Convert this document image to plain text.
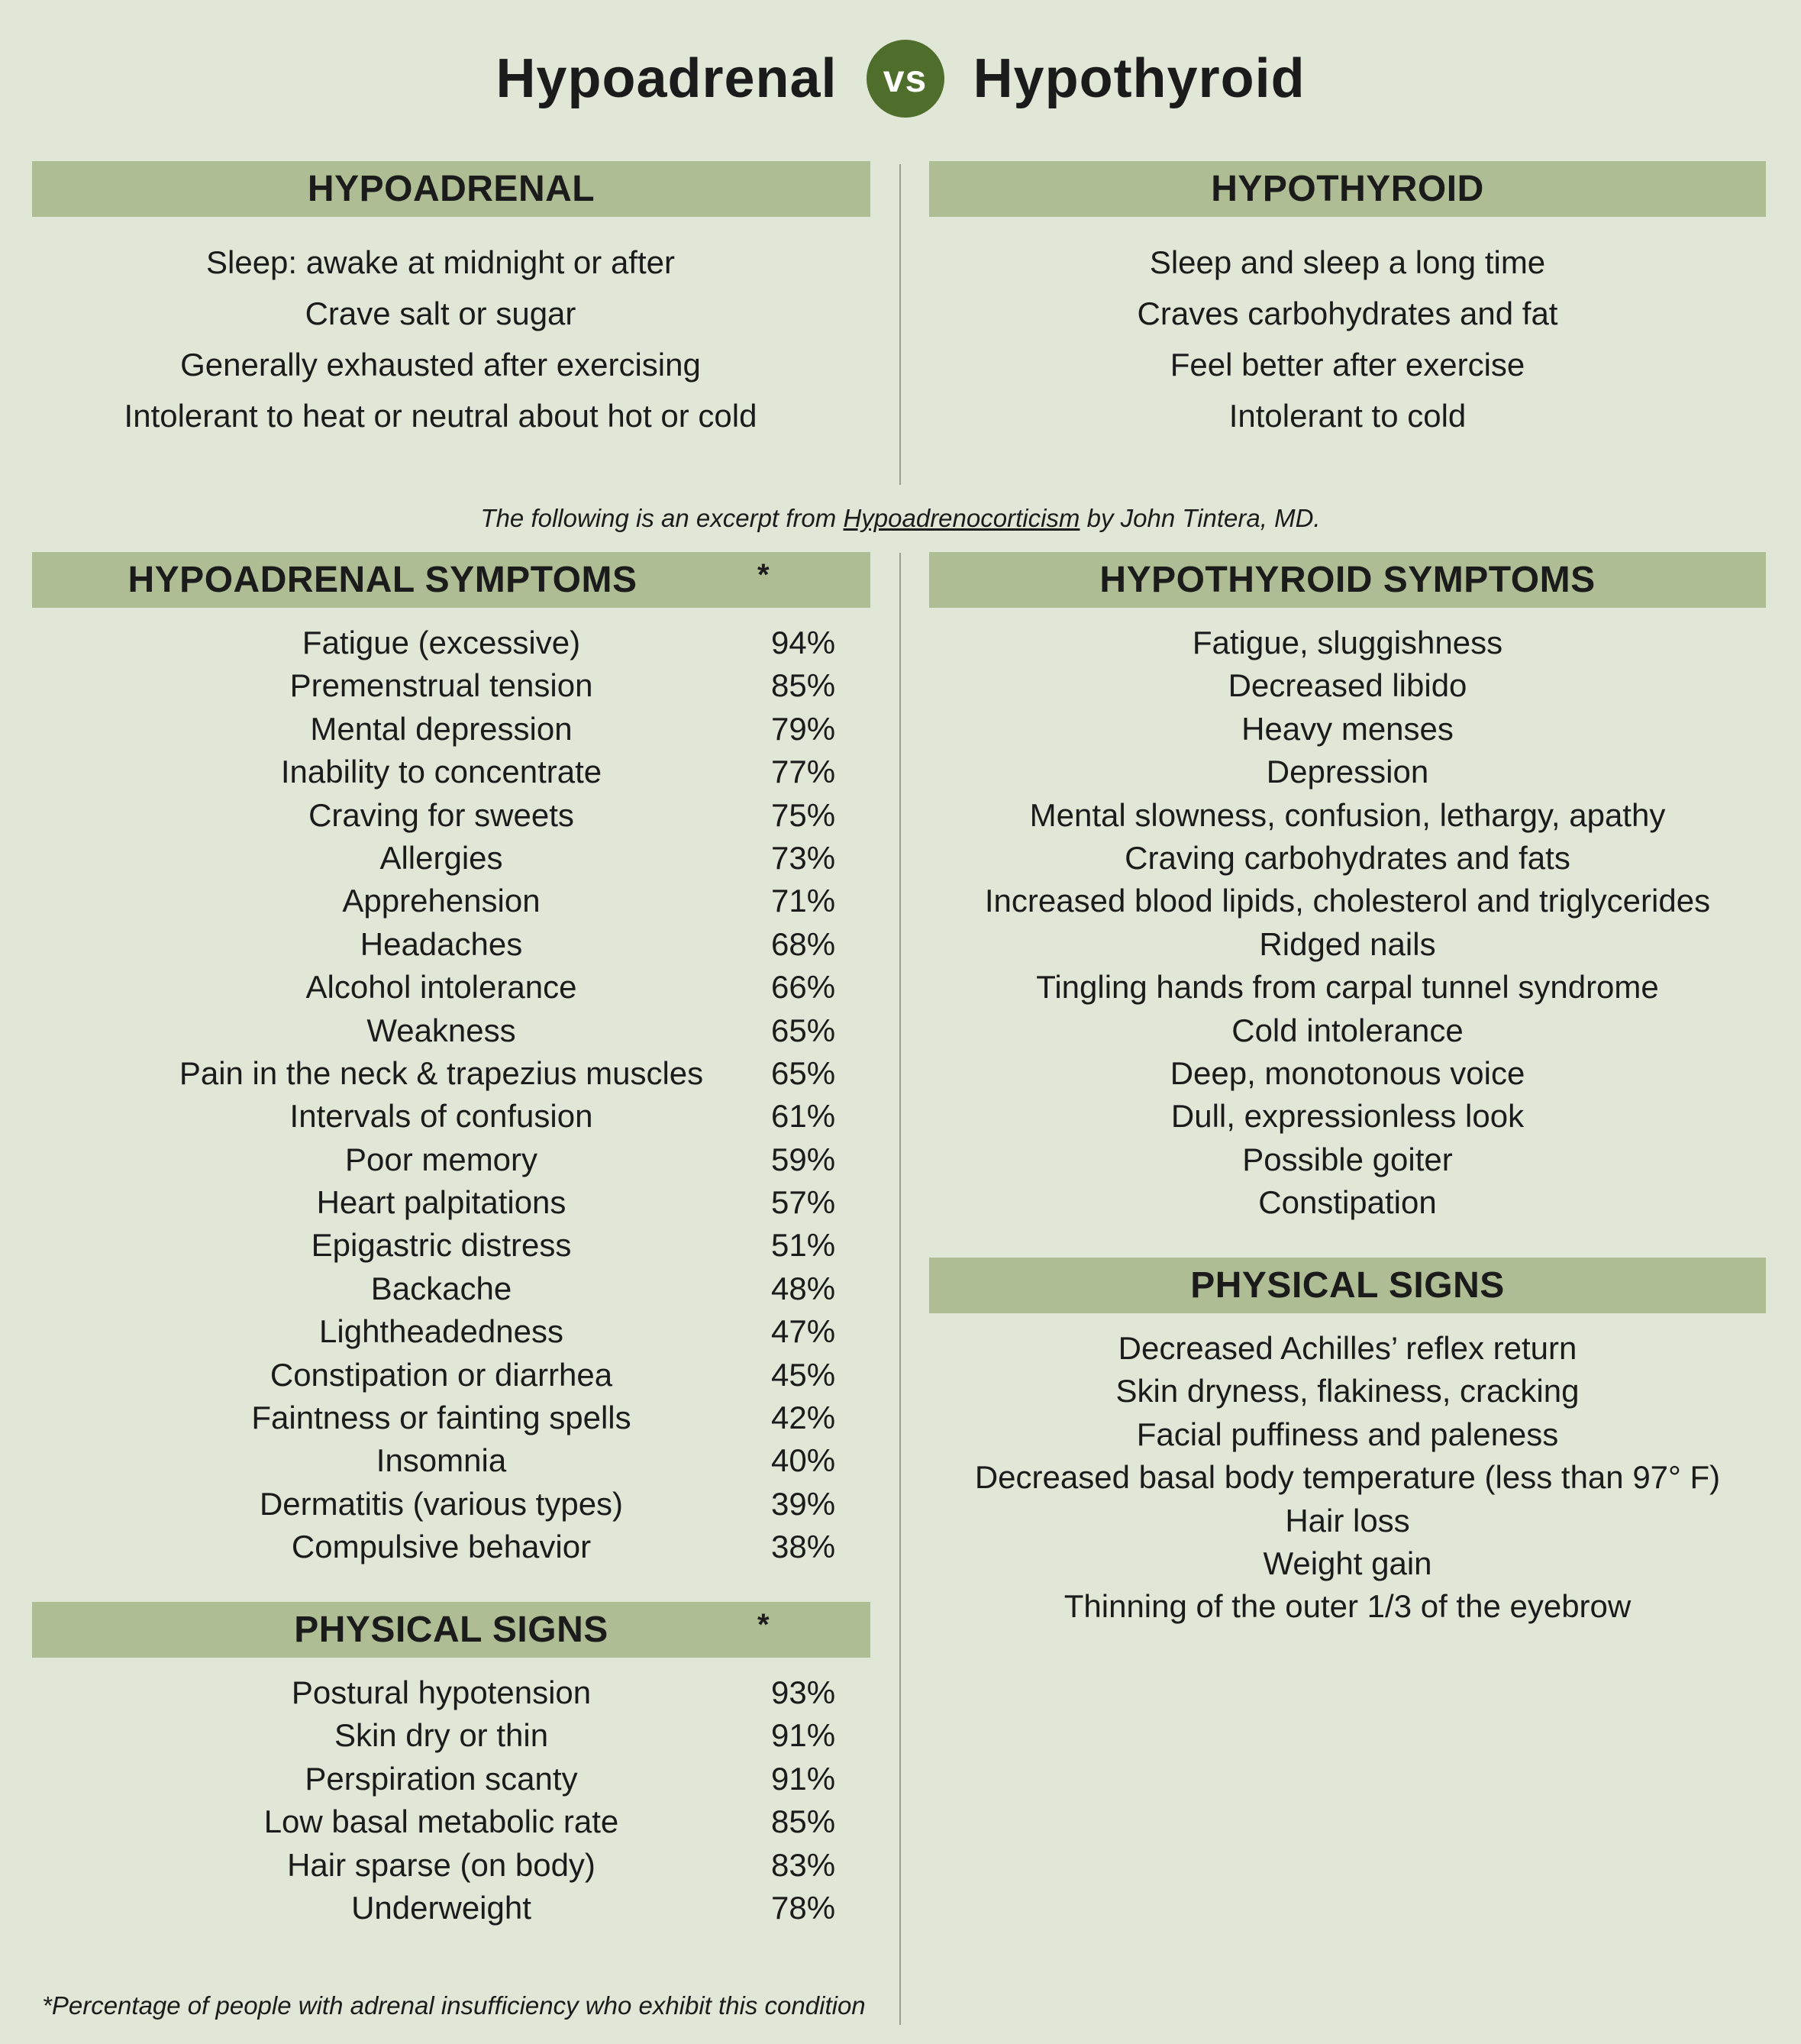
Hypoadrenal	vs Hypothyroid
HYPOADRENAL	HYPOTHYROID
Sleep: awake at midnight or after
Crave salt or sugar
Generally exhausted after exercising
Intolerant to heat or neutral about hot or cold
Sleep and sleep a long time
Craves carbohydrates and fat
Feel better after exercise
Intolerant to cold
The following is an excerpt from Hypoadrenocorticism by John Tintera, MD.
HYPOADRENAL SYMPTOMS	*
Fatigue (excessive)	94%
Premenstrual tension	85%
Mental depression	79%
Inability to concentrate	77%
Craving for sweets	75%
Allergies	73%
Apprehension	71%
Headaches	68%
Alcohol intolerance	66%
Weakness	65%
Pain in the neck & trapezius muscles	65%
Intervals of confusion	61%
Poor memory	59%
Heart palpitations	57%
Epigastric distress	51%
Backache	48%
Lightheadedness	47%
Constipation or diarrhea	45%
Faintness or fainting spells	42%
Insomnia	40%
Dermatitis (various types)	39%
Compulsive behavior	38%
PHYSICAL SIGNS	*
Postural hypotension	93%
Skin dry or thin	91%
Perspiration scanty	91%
Low basal metabolic rate	85%
Hair sparse (on body)	83%
Underweight	78%
HYPOTHYROID SYMPTOMS
Fatigue, sluggishness
Decreased libido
Heavy menses
Depression
Mental slowness, confusion, lethargy, apathy
Craving carbohydrates and fats
Increased blood lipids, cholesterol and triglycerides
Ridged nails
Tingling hands from carpal tunnel syndrome
Cold intolerance
Deep, monotonous voice
Dull, expressionless look
Possible goiter
Constipation
PHYSICAL SIGNS
Decreased Achilles’ reflex return
Skin dryness, flakiness, cracking
Facial puffiness and paleness
Decreased basal body temperature (less than 97° F)
Hair loss
Weight gain
Thinning of the outer 1/3 of the eyebrow
*Percentage of people with adrenal insufficiency who exhibit this condition
